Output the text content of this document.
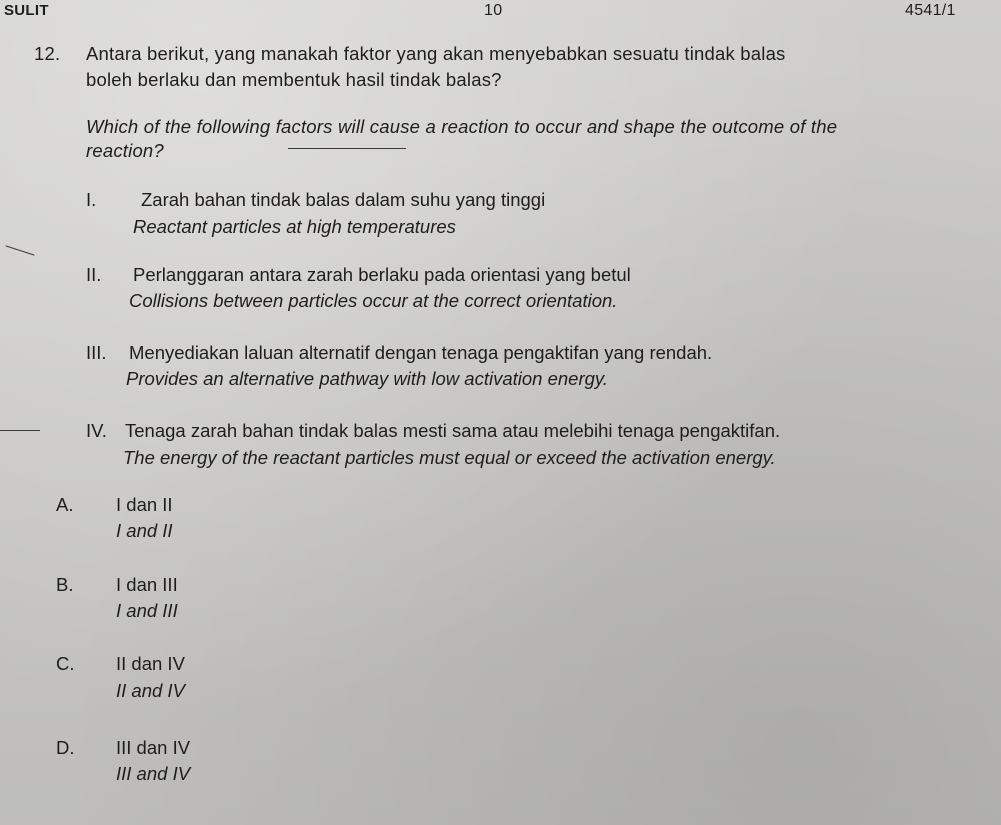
SULIT	10	4541/1
12. Antara berikut, yang manakah faktor yang akan menyebabkan sesuatu tindak balas
boleh berlaku dan membentuk hasil tindak balas?
Which of the following factors will cause a reaction to occur and shape the outcome of the
reaction?
I. Zarah bahan tindak balas dalam suhu yang tinggi
Reactant particles at high temperatures
II. Perlanggaran antara zarah berlaku pada orientasi yang betul
Collisions between particles occur at the correct orientation.
III. Menyediakan laluan alternatif dengan tenaga pengaktifan yang rendah.
Provides an alternative pathway with low activation energy.
IV. Tenaga zarah bahan tindak balas mesti sama atau melebihi tenaga pengaktifan.
The energy of the reactant particles must equal or exceed the activation energy.
A. I dan II
I and II
B. I dan III
I and III
C. II dan IV
II and IV
D. III dan IV
III and IV
